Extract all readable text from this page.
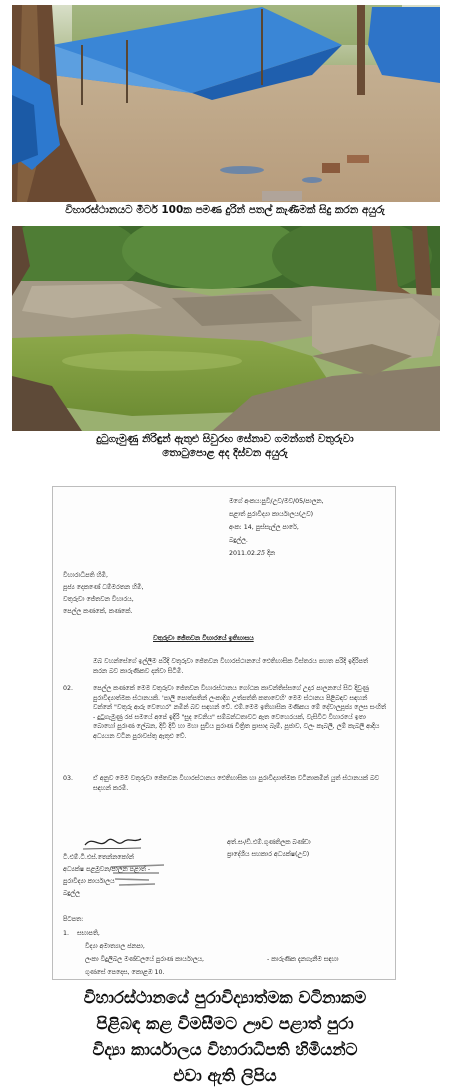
විහාරස්ථානයට මීටර් 100ක පමණ දුරින් පතල් කැණීමක් සිදු කරන අයුරු
දුටුගැමුණු නිරිඳුන් ඇතුළු සිවුරඟ සේනාව ගමන්ගත් වතුරුවා
තොටුපොළ අද දිස්වන අයුරු
මගේ අංකය:පුවි/උව/මව/05/පාලන,
පළාත් පුරාවිද්‍යා කාර්යාලය(උව)
අංක: 14, පුස්සැල්ල පාරේ,
බදුල්ල.
2011.02.25 දින
විහාරාධිපති හිමි,
පූජ්‍ය දෙකණේ ධම්මරතන හිමි,
වතුරුවා ජේතවන විහාරය,
පෙල්ල කණකේ, කණකේ.
වතුරුවා ජේතවන විහාරයේ ඉතිහාසය
ඔබ වහන්සේගේ ඉල්ලීම පරිදි වතුරුවා ජේතවන විහාරස්ථානයේ ඓතිහාසික විස්තරය පහත පරිදි ඉදිරිපත් කරන බව කාරුණිකව දන්වා සිටිමි.
02.	පෙල්ල කණකේ මෙම වතුරුවා ජේතවන විහාරස්ථානය ගෝඨක කාවන්තිස්සගේ උදාර පාලනයේ සිට දිවුණු පුරාවිද්‍යාත්මක ස්ථානයකි. 'පාලි පොත්පතින් ලංකාදිග උත්පත්ති කතාවෙහි' මෙම ස්ථානය පිළිබඳව සඳහන් වන්නේ "වතුරු ආරු වෙහෙර" නමින් බව සඳහන් වේ. එම්.මෙම ඉතිහාසික මණිකය මේ දේවාලපූජ්‍ය ලෙස සංහිත් - දුටුගැමුණු රජ සමයේ අපේ ඉදිරි "සුද වෙනිය" සම්බන්ධතාවට ඇත වෙහෙරයක්, වැසිවිට විහාරයේ ඉතා බොහෝ පුරාණ ලේඛන, දිවි දිවි හා මහා සුචිය පුරාණ චිත්‍රිත ප්‍රාසාද බෑම්, පූජාව, වලං කැබලි, ලම් කැබලි ආදිය අධ්‍යයන වටින පුරාවස්තු ඇතුළු වේ.
03.	ඒ අනුව මෙම වතුරුවා ජේතවන විහාරස්ථානය ඓතිහාසික හා පුරාවිද්‍යාත්මක වටිනාකමින් යුත් ස්ථානයක් බව සඳහන් කරමි.
ටී.එම්.ටී.එස්.තෙන්නකෝන්
අධ්‍යක්ෂ පළමුවන/පාලන පළාත් -
පුරාවිද්‍යා කාර්යාලය
බදුල්ල
අත්.සං/ඩී.එම්.ගුණතිලක බණ්ඩා
ප්‍රාදේශීය සහකාර අධ්‍යක්ෂ(උව)
පිටපත:
1. සභාපති,
විද්‍යා අමාත්‍යාල ජනපා,
ලංකා විදුලිබල මණ්ඩලයේ පුරාණ කාර්යාලය,
ගුණසේ පෙදෙස, කොළඹ 10.
- කාරුණික දැනගැනීම සඳහා
විහාරස්ථානයේ පුරාවිද්‍යාත්මක වටිනාකම
පිළිබඳ කළ විමසීමට ඌව පළාත් පුරා
විද්‍යා කාර්යාලය විහාරාධිපති හිමියන්ට
එවා ඇති ලිපිය
